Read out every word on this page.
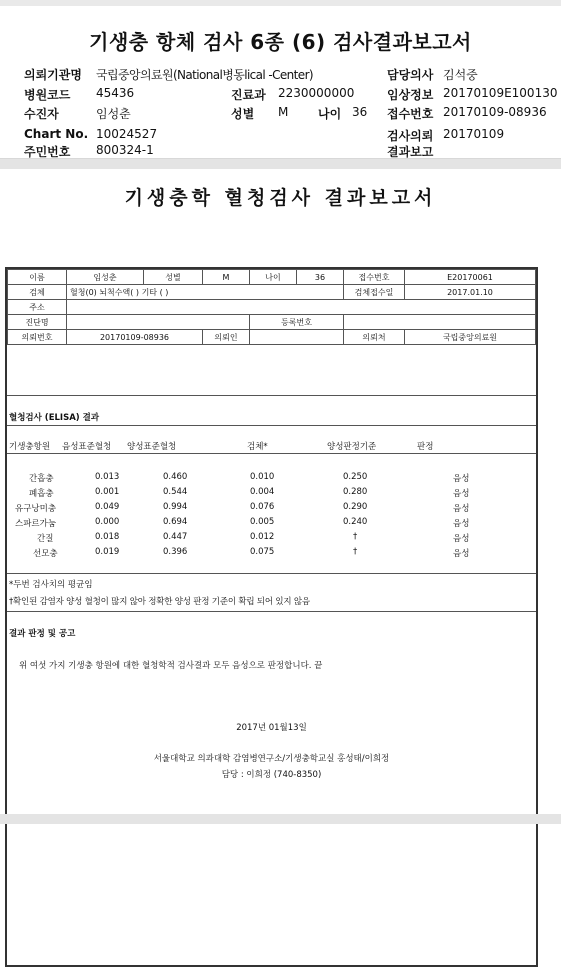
기생충 항체 검사 6종 (6) 검사결과보고서
의뢰기관명 국립중앙의료원(National병동lical -Center)	담당의사 김석중
병원코드 45436	진료과 2230000000	임상정보 20170109E100130
수진자	임성춘	성별 M 나이 36 접수번호 20170109-08936
Chart No. 10024527	검사의뢰 20170109
주민번호 800324-1	결과보고
기생충학 혈청검사 결과보고서
이름	임성춘	성별	M	나이	36	접수번호	E20170061
검체	혈청(0) 뇌척수액( ) 기타 ( )					검체접수일	2017.01.10
주소							
진단명				등록번호			
의뢰번호	20170109-08936		의뢰인			의뢰처	국립중앙의료원
혈청검사 (ELISA) 결과
기생충항원 음성표준혈청 양성표준혈청	검체*	양성판정기준	판정
간흡충	0.013	0.460	0.010	0.250	음성
폐흡충	0.001	0.544	0.004	0.280	음성
유구낭미충	0.049	0.994	0.076	0.290	음성
스파르가눔	0.000	0.694	0.005	0.240	음성
간질	0.018	0.447	0.012	†	음성
선모충	0.019	0.396	0.075	†	음성
*두번 검사치의 평균임
†확인된 감염자 양성 혈청이 많지 않아 정확한 양성 판정 기준이 확립 되어 있지 않음
결과 판정 및 공고
위 여섯 가지 기생충 항원에 대한 혈청학적 검사결과 모두 음성으로 판정합니다. 끝
2017년 01월13일
서울대학교 의과대학 감염병연구소/기생충학교실 홍성태/이희정
담당 : 이희정 (740-8350)
